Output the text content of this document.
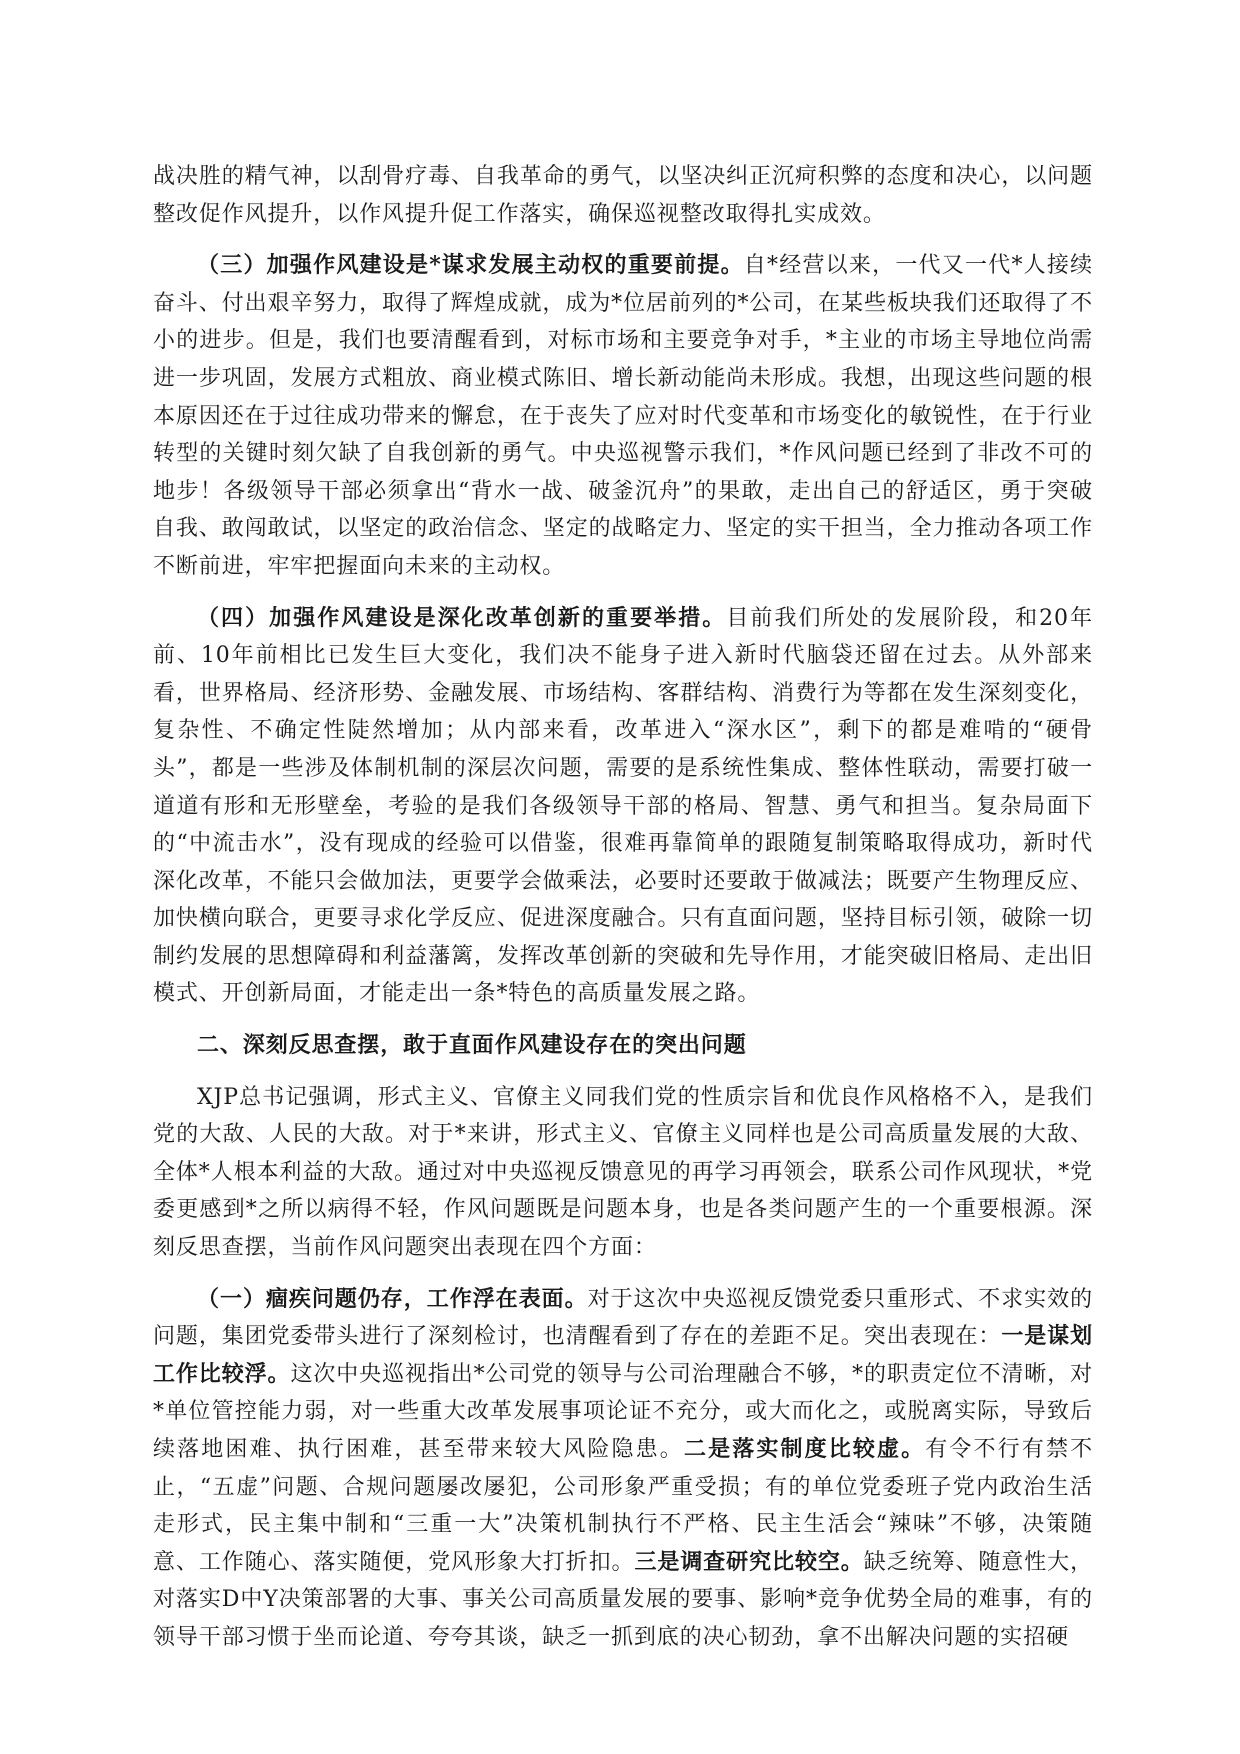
战决胜的精气神，以刮骨疗毒、自我革命的勇气，以坚决纠正沉疴积弊的态度和决心，以问题整改促作风提升，以作风提升促工作落实，确保巡视整改取得扎实成效。

（三）加强作风建设是*谋求发展主动权的重要前提。自*经营以来，一代又一代*人接续奋斗、付出艰辛努力，取得了辉煌成就，成为*位居前列的*公司，在某些板块我们还取得了不小的进步。但是，我们也要清醒看到，对标市场和主要竞争对手，*主业的市场主导地位尚需进一步巩固，发展方式粗放、商业模式陈旧、增长新动能尚未形成。我想，出现这些问题的根本原因还在于过往成功带来的懈怠，在于丧失了应对时代变革和市场变化的敏锐性，在于行业转型的关键时刻欠缺了自我创新的勇气。中央巡视警示我们，*作风问题已经到了非改不可的地步！各级领导干部必须拿出“背水一战、破釜沉舟”的果敢，走出自己的舒适区，勇于突破自我、敢闯敢试，以坚定的政治信念、坚定的战略定力、坚定的实干担当，全力推动各项工作不断前进，牢牢把握面向未来的主动权。

（四）加强作风建设是深化改革创新的重要举措。目前我们所处的发展阶段，和20年前、10年前相比已发生巨大变化，我们决不能身子进入新时代脑袋还留在过去。从外部来看，世界格局、经济形势、金融发展、市场结构、客群结构、消费行为等都在发生深刻变化，复杂性、不确定性陡然增加；从内部来看，改革进入“深水区”，剩下的都是难啃的“硬骨头”，都是一些涉及体制机制的深层次问题，需要的是系统性集成、整体性联动，需要打破一道道有形和无形壁垒，考验的是我们各级领导干部的格局、智慧、勇气和担当。复杂局面下的“中流击水”，没有现成的经验可以借鉴，很难再靠简单的跟随复制策略取得成功，新时代深化改革，不能只会做加法，更要学会做乘法，必要时还要敢于做减法；既要产生物理反应、加快横向联合，更要寻求化学反应、促进深度融合。只有直面问题，坚持目标引领，破除一切制约发展的思想障碍和利益藩篱，发挥改革创新的突破和先导作用，才能突破旧格局、走出旧模式、开创新局面，才能走出一条*特色的高质量发展之路。

二、深刻反思查摆，敢于直面作风建设存在的突出问题

XJP总书记强调，形式主义、官僚主义同我们党的性质宗旨和优良作风格格不入，是我们党的大敌、人民的大敌。对于*来讲，形式主义、官僚主义同样也是公司高质量发展的大敌、全体*人根本利益的大敌。通过对中央巡视反馈意见的再学习再领会，联系公司作风现状，*党委更感到*之所以病得不轻，作风问题既是问题本身，也是各类问题产生的一个重要根源。深刻反思查摆，当前作风问题突出表现在四个方面：

（一）痼疾问题仍存，工作浮在表面。对于这次中央巡视反馈党委只重形式、不求实效的问题，集团党委带头进行了深刻检讨，也清醒看到了存在的差距不足。突出表现在：一是谋划工作比较浮。这次中央巡视指出*公司党的领导与公司治理融合不够，*的职责定位不清晰，对*单位管控能力弱，对一些重大改革发展事项论证不充分，或大而化之，或脱离实际，导致后续落地困难、执行困难，甚至带来较大风险隐患。二是落实制度比较虚。有令不行有禁不止，“五虚”问题、合规问题屡改屡犯，公司形象严重受损；有的单位党委班子党内政治生活走形式，民主集中制和“三重一大”决策机制执行不严格、民主生活会“辣味”不够，决策随意、工作随心、落实随便，党风形象大打折扣。三是调查研究比较空。缺乏统筹、随意性大，对落实D中Y决策部署的大事、事关公司高质量发展的要事、影响*竞争优势全局的难事，有的领导干部习惯于坐而论道、夸夸其谈，缺乏一抓到底的决心韧劲，拿不出解决问题的实招硬
